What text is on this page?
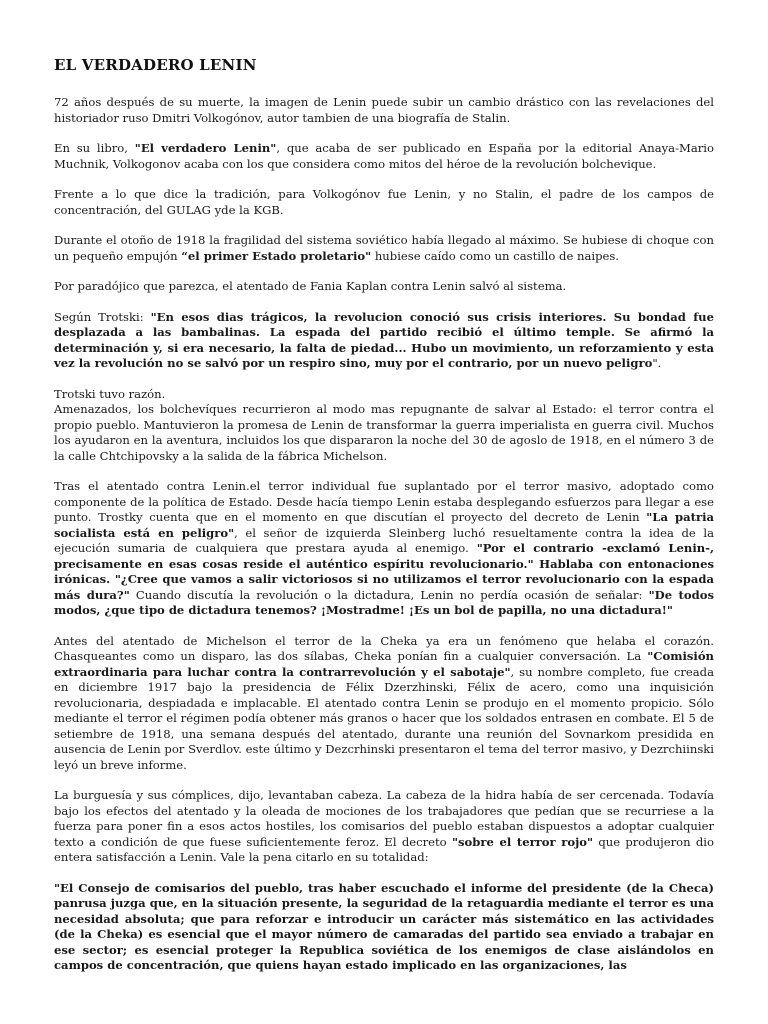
EL VERDADERO LENIN

72 años después de su muerte, la imagen de Lenin puede subir un cambio drástico con las revelaciones del historiador ruso Dmitri Volkogónov, autor tambien de una biografía de Stalin.

En su libro, "El verdadero Lenin", que acaba de ser publicado en España por la editorial Anaya-Mario Muchnik, Volkogonov acaba con los que considera como mitos del héroe de la revolución bolchevique.

Frente a lo que dice la tradición, para Volkogónov fue Lenin, y no Stalin, el padre de los campos de concentración, del GULAG yde la KGB.

Durante el otoño de 1918 la fragilidad del sistema soviético había llegado al máximo. Se hubiese di choque con un pequeño empujón “el primer Estado proletario" hubiese caído como un castillo de naipes.

Por paradójico que parezca, el atentado de Fania Kaplan contra Lenin salvó al sistema.

Según Trotski: "En esos dias trágicos, la revolucion conoció sus crisis interiores. Su bondad fue desplazada a las bambalinas. La espada del partido recibió el último temple. Se afirmó la determinación y, si era necesario, la falta de piedad... Hubo un movimiento, un reforzamiento y esta vez la revolución no se salvó por un respiro sino, muy por el contrario, por un nuevo peligro".

Trotski tuvo razón.

Amenazados, los bolchevíques recurrieron al modo mas repugnante de salvar al Estado: el terror contra el propio pueblo. Mantuvieron la promesa de Lenin de transformar la guerra imperialista en guerra civil. Muchos los ayudaron en la aventura, incluidos los que dispararon la noche del 30 de agoslo de 1918, en el número 3 de la calle Chtchipovsky a la salida de la fábrica Michelson.

Tras el atentado contra Lenin.el terror individual fue suplantado por el terror masivo, adoptado como componente de la política de Estado. Desde hacía tiempo Lenin estaba desplegando esfuerzos para llegar a ese punto. Trostky cuenta que en el momento en que discutían el proyecto del decreto de Lenin "La patria socialista está en peligro", el señor de izquierda Sleinberg luchó resueltamente contra la idea de la ejecución sumaria de cualquiera que prestara ayuda al enemigo. "Por el contrario -exclamó Lenin-, precisamente en esas cosas reside el auténtico espíritu revolucionario." Hablaba con entonaciones irónicas. "¿Cree que vamos a salir victoriosos si no utilizamos el terror revolucionario con la espada más dura?" Cuando discutía la revolución o la dictadura, Lenin no perdía ocasión de señalar: "De todos modos, ¿que tipo de dictadura tenemos? ¡Mostradme! ¡Es un bol de papilla, no una dictadura!"

Antes del atentado de Michelson el terror de la Cheka ya era un fenómeno que helaba el corazón. Chasqueantes como un disparo, las dos sílabas, Cheka ponían fin a cualquier conversación. La "Comisión extraordinaria para luchar contra la contrarrevolución y el sabotaje", su nombre completo, fue creada en diciembre 1917 bajo la presidencia de Félix Dzerzhinski, Félix de acero, como una inquisición revolucionaria, despiadada e implacable. El atentado contra Lenin se produjo en el momento propicio. Sólo mediante el terror el régimen podía obtener más granos o hacer que los soldados entrasen en combate. El 5 de setiembre de 1918, una semana después del atentado, durante una reunión del Sovnarkom presidida en ausencia de Lenin por Sverdlov. este último y Dezcrhinski presentaron el tema del terror masivo, y Dezrchiinski leyó un breve informe.

La burguesía y sus cómplices, dijo, levantaban cabeza. La cabeza de la hidra había de ser cercenada. Todavía bajo los efectos del atentado y la oleada de mociones de los trabajadores que pedían que se recurriese a la fuerza para poner fin a esos actos hostiles, los comisarios del pueblo estaban dispuestos a adoptar cualquier texto a condición de que fuese suficientemente feroz. El decreto "sobre el terror rojo" que produjeron dio entera satisfacción a Lenin. Vale la pena citarlo en su totalidad:

"El Consejo de comisarios del pueblo, tras haber escuchado el informe del presidente (de la Checa) panrusa juzga que, en la situación presente, la seguridad de la retaguardia mediante el terror es una necesidad absoluta; que para reforzar e introducir un carácter más sistemático en las actividades (de la Cheka) es esencial que el mayor número de camaradas del partido sea enviado a trabajar en ese sector; es esencial proteger la Republica soviética de los enemigos de clase aislándolos en campos de concentración, que quiens hayan estado implicado en las organizaciones, las
